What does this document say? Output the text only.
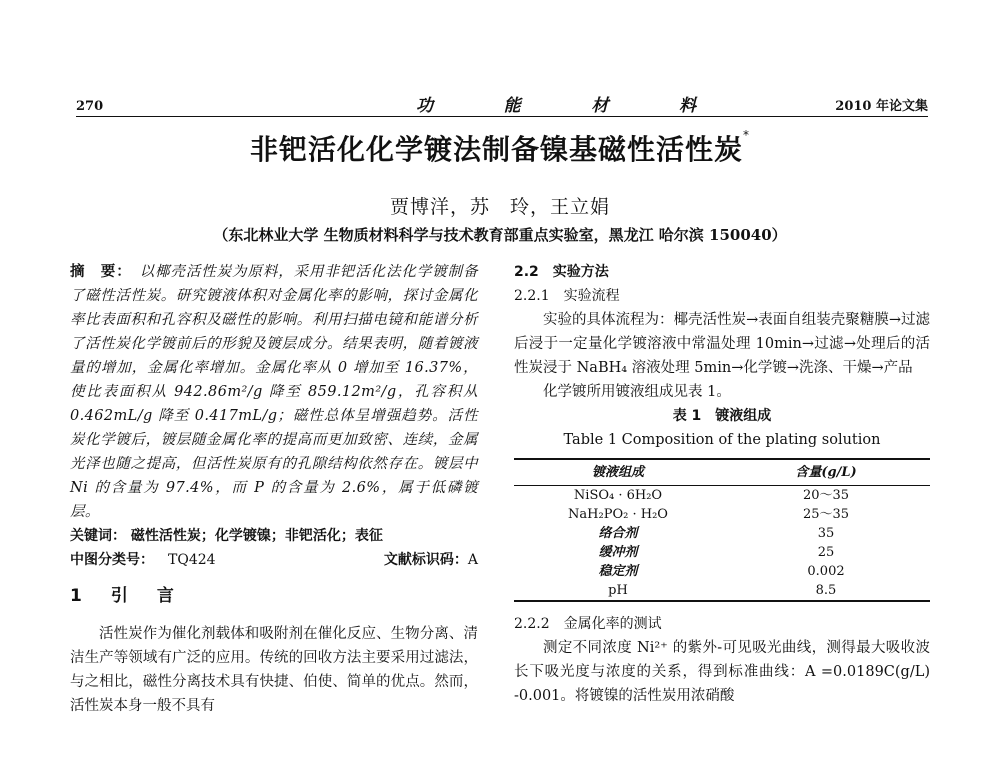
270	功	能	材	料	2010 年论文集
非钯活化化学镀法制备镍基磁性活性炭*
贾博洋，苏　玲，王立娟
（东北林业大学 生物质材料科学与技术教育部重点实验室，黑龙江 哈尔滨 150040）
摘　要： 以椰壳活性炭为原料，采用非钯活化法化学镀制备了磁性活性炭。研究镀液体积对金属化率的影响，探讨金属化率比表面积和孔容积及磁性的影响。利用扫描电镜和能谱分析了活性炭化学镀前后的形貌及镀层成分。结果表明，随着镀液量的增加，金属化率增加。金属化率从 0 增加至 16.37%，使比表面积从 942.86m²/g 降至 859.12m²/g，孔容积从 0.462mL/g 降至 0.417mL/g；磁性总体呈增强趋势。活性炭化学镀后，镀层随金属化率的提高而更加致密、连续，金属光泽也随之提高，但活性炭原有的孔隙结构依然存在。镀层中 Ni 的含量为 97.4%，而 P 的含量为 2.6%，属于低磷镀层。
关键词： 磁性活性炭；化学镀镍；非钯活化；表征
中图分类号： TQ424	文献标识码：A
1　引　言
活性炭作为催化剂载体和吸附剂在催化反应、生物分离、清洁生产等领域有广泛的应用。传统的回收方法主要采用过滤法，与之相比，磁性分离技术具有快捷、伯使、简单的优点。然而，活性炭本身一般不具有
2.2　实验方法
2.2.1　实验流程
实验的具体流程为：椰壳活性炭→表面自组装壳聚糖膜→过滤后浸于一定量化学镀溶液中常温处理 10min→过滤→处理后的活性炭浸于 NaBH₄ 溶液处理 5min→化学镀→洗涤、干燥→产品
化学镀所用镀液组成见表 1。
表 1　镀液组成
Table 1 Composition of the plating solution
镀液组成	含量(g/L)
NiSO₄ · 6H₂O	20～35
NaH₂PO₂ · H₂O	25～35
络合剂	35
缓冲剂	25
稳定剂	0.002
pH	8.5
2.2.2　金属化率的测试
测定不同浓度 Ni²⁺ 的紫外-可见吸光曲线，测得最大吸收波长下吸光度与浓度的关系，得到标准曲线：A =0.0189C(g/L) -0.001。将镀镍的活性炭用浓硝酸
